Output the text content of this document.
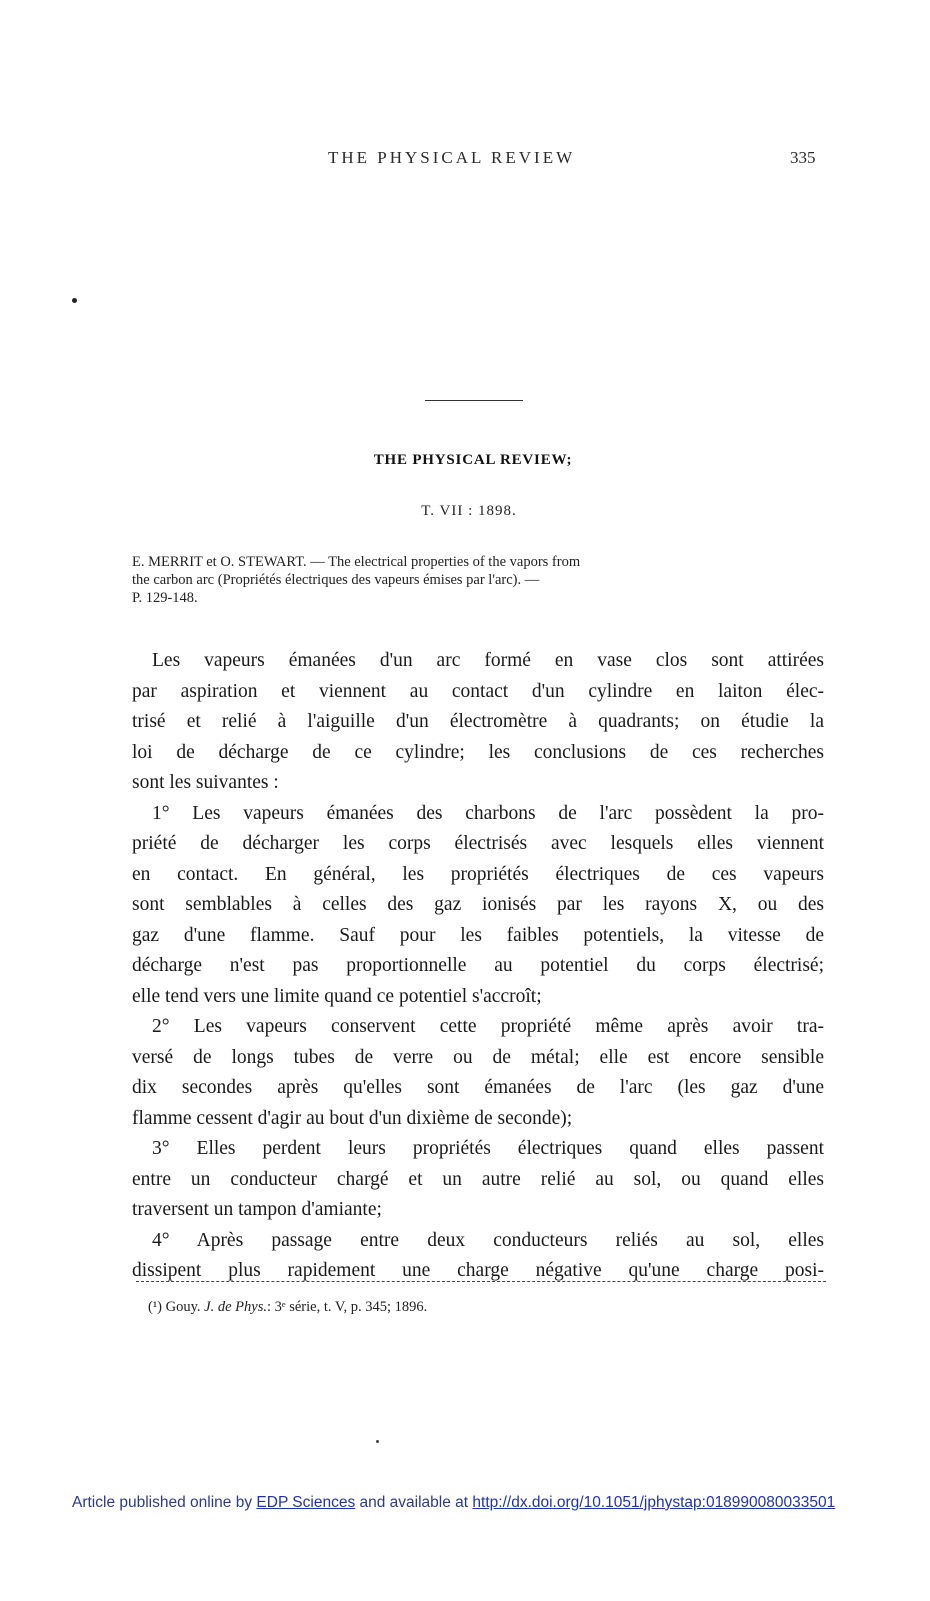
THE PHYSICAL REVIEW	335
THE PHYSICAL REVIEW;
T. VII : 1898.
E. MERRIT et O. STEWART. — The electrical properties of the vapors from
the carbon arc (Propriétés électriques des vapeurs émises par l'arc). —
P. 129-148.
Les vapeurs émanées d'un arc formé en vase clos sont attirées
par aspiration et viennent au contact d'un cylindre en laiton élec-
trisé et relié à l'aiguille d'un électromètre à quadrants; on étudie la
loi de décharge de ce cylindre; les conclusions de ces recherches
sont les suivantes :
1° Les vapeurs émanées des charbons de l'arc possèdent la pro-
priété de décharger les corps électrisés avec lesquels elles viennent
en contact. En général, les propriétés électriques de ces vapeurs
sont semblables à celles des gaz ionisés par les rayons X, ou des
gaz d'une flamme. Sauf pour les faibles potentiels, la vitesse de
décharge n'est pas proportionnelle au potentiel du corps électrisé;
elle tend vers une limite quand ce potentiel s'accroît;
2° Les vapeurs conservent cette propriété même après avoir tra-
versé de longs tubes de verre ou de métal; elle est encore sensible
dix secondes après qu'elles sont émanées de l'arc (les gaz d'une
flamme cessent d'agir au bout d'un dixième de seconde);
3° Elles perdent leurs propriétés électriques quand elles passent
entre un conducteur chargé et un autre relié au sol, ou quand elles
traversent un tampon d'amiante;
4° Après passage entre deux conducteurs reliés au sol, elles
dissipent plus rapidement une charge négative qu'une charge posi-
(¹) Gouy. J. de Phys.: 3ᵉ série, t. V, p. 345; 1896.
Article published online by EDP Sciences and available at http://dx.doi.org/10.1051/jphystap:018990080033501
